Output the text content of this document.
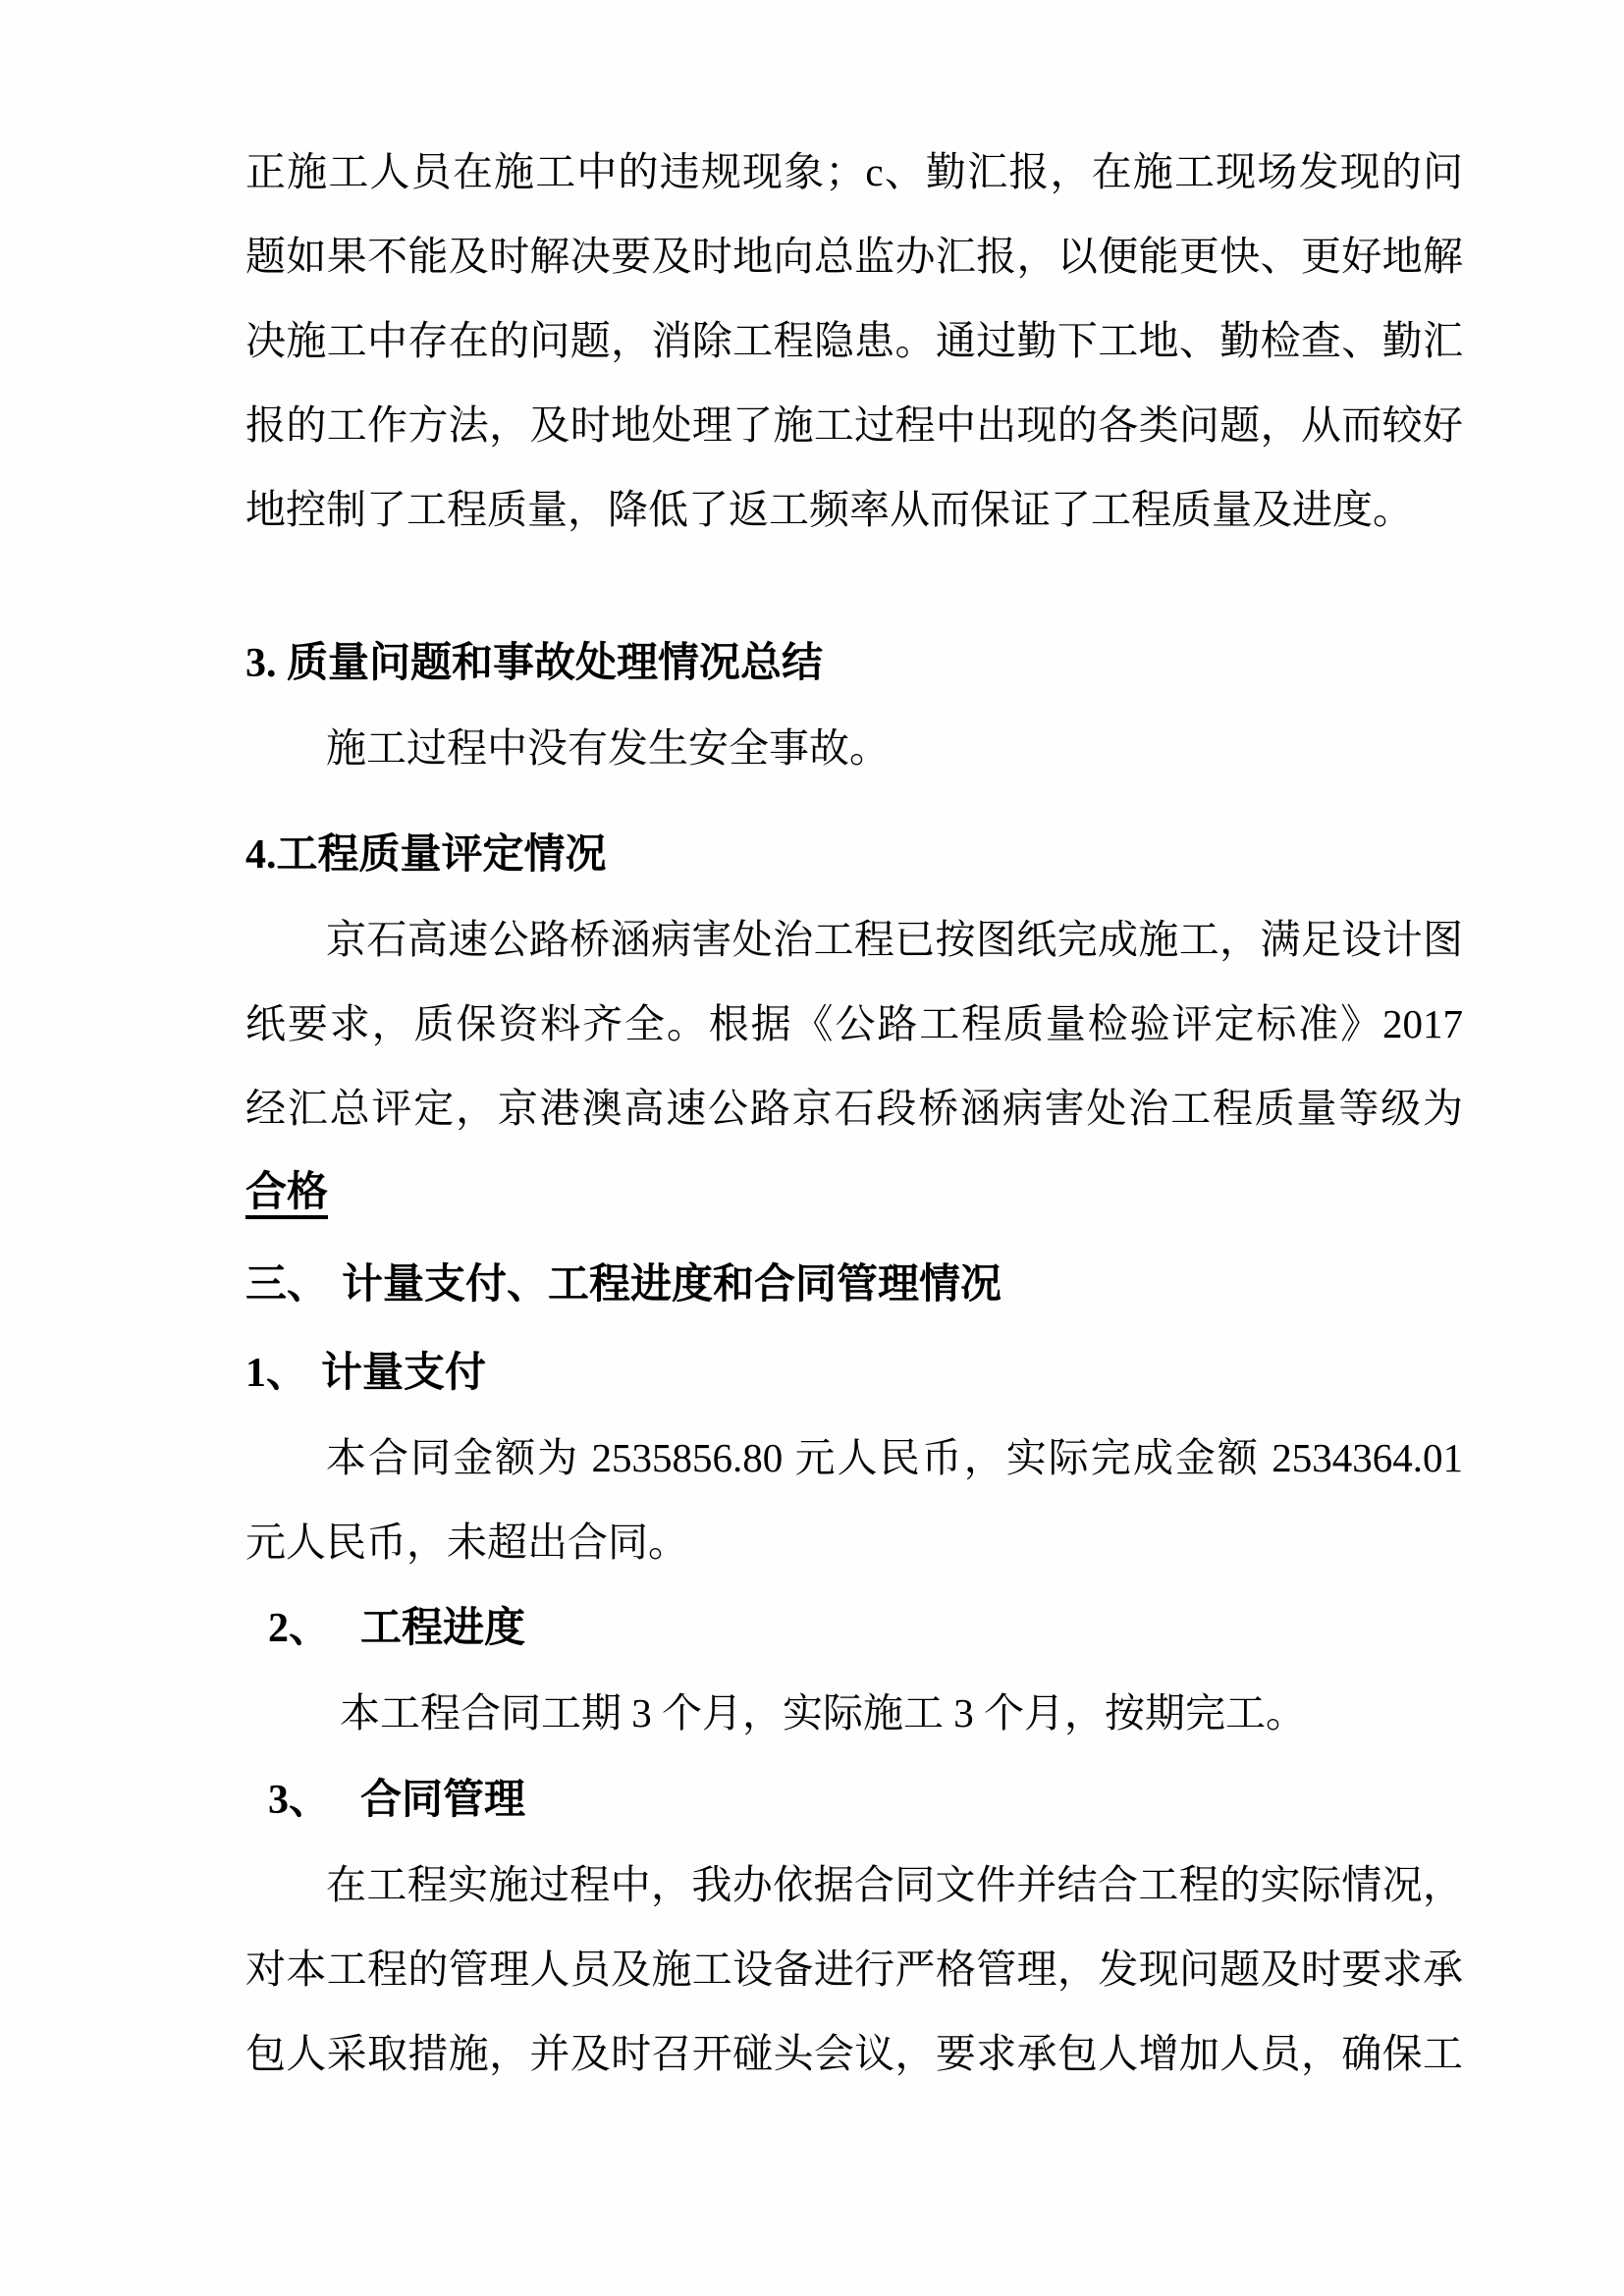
正施工人员在施工中的违规现象；c、勤汇报，在施工现场发现的问
题如果不能及时解决要及时地向总监办汇报，以便能更快、更好地解
决施工中存在的问题，消除工程隐患。通过勤下工地、勤检查、勤汇
报的工作方法，及时地处理了施工过程中出现的各类问题，从而较好
地控制了工程质量，降低了返工频率从而保证了工程质量及进度。
3. 质量问题和事故处理情况总结
施工过程中没有发生安全事故。
4.工程质量评定情况
京石高速公路桥涵病害处治工程已按图纸完成施工，满足设计图
纸要求，质保资料齐全。根据《公路工程质量检验评定标准》2017
经汇总评定，京港澳高速公路京石段桥涵病害处治工程质量等级为
合格
三、 计量支付、工程进度和合同管理情况
1、 计量支付
本合同金额为 2535856.80 元人民币，实际完成金额 2534364.01
元人民币，未超出合同。
2、 工程进度
本工程合同工期 3 个月，实际施工 3 个月，按期完工。
3、 合同管理
在工程实施过程中，我办依据合同文件并结合工程的实际情况，
对本工程的管理人员及施工设备进行严格管理，发现问题及时要求承
包人采取措施，并及时召开碰头会议，要求承包人增加人员，确保工
